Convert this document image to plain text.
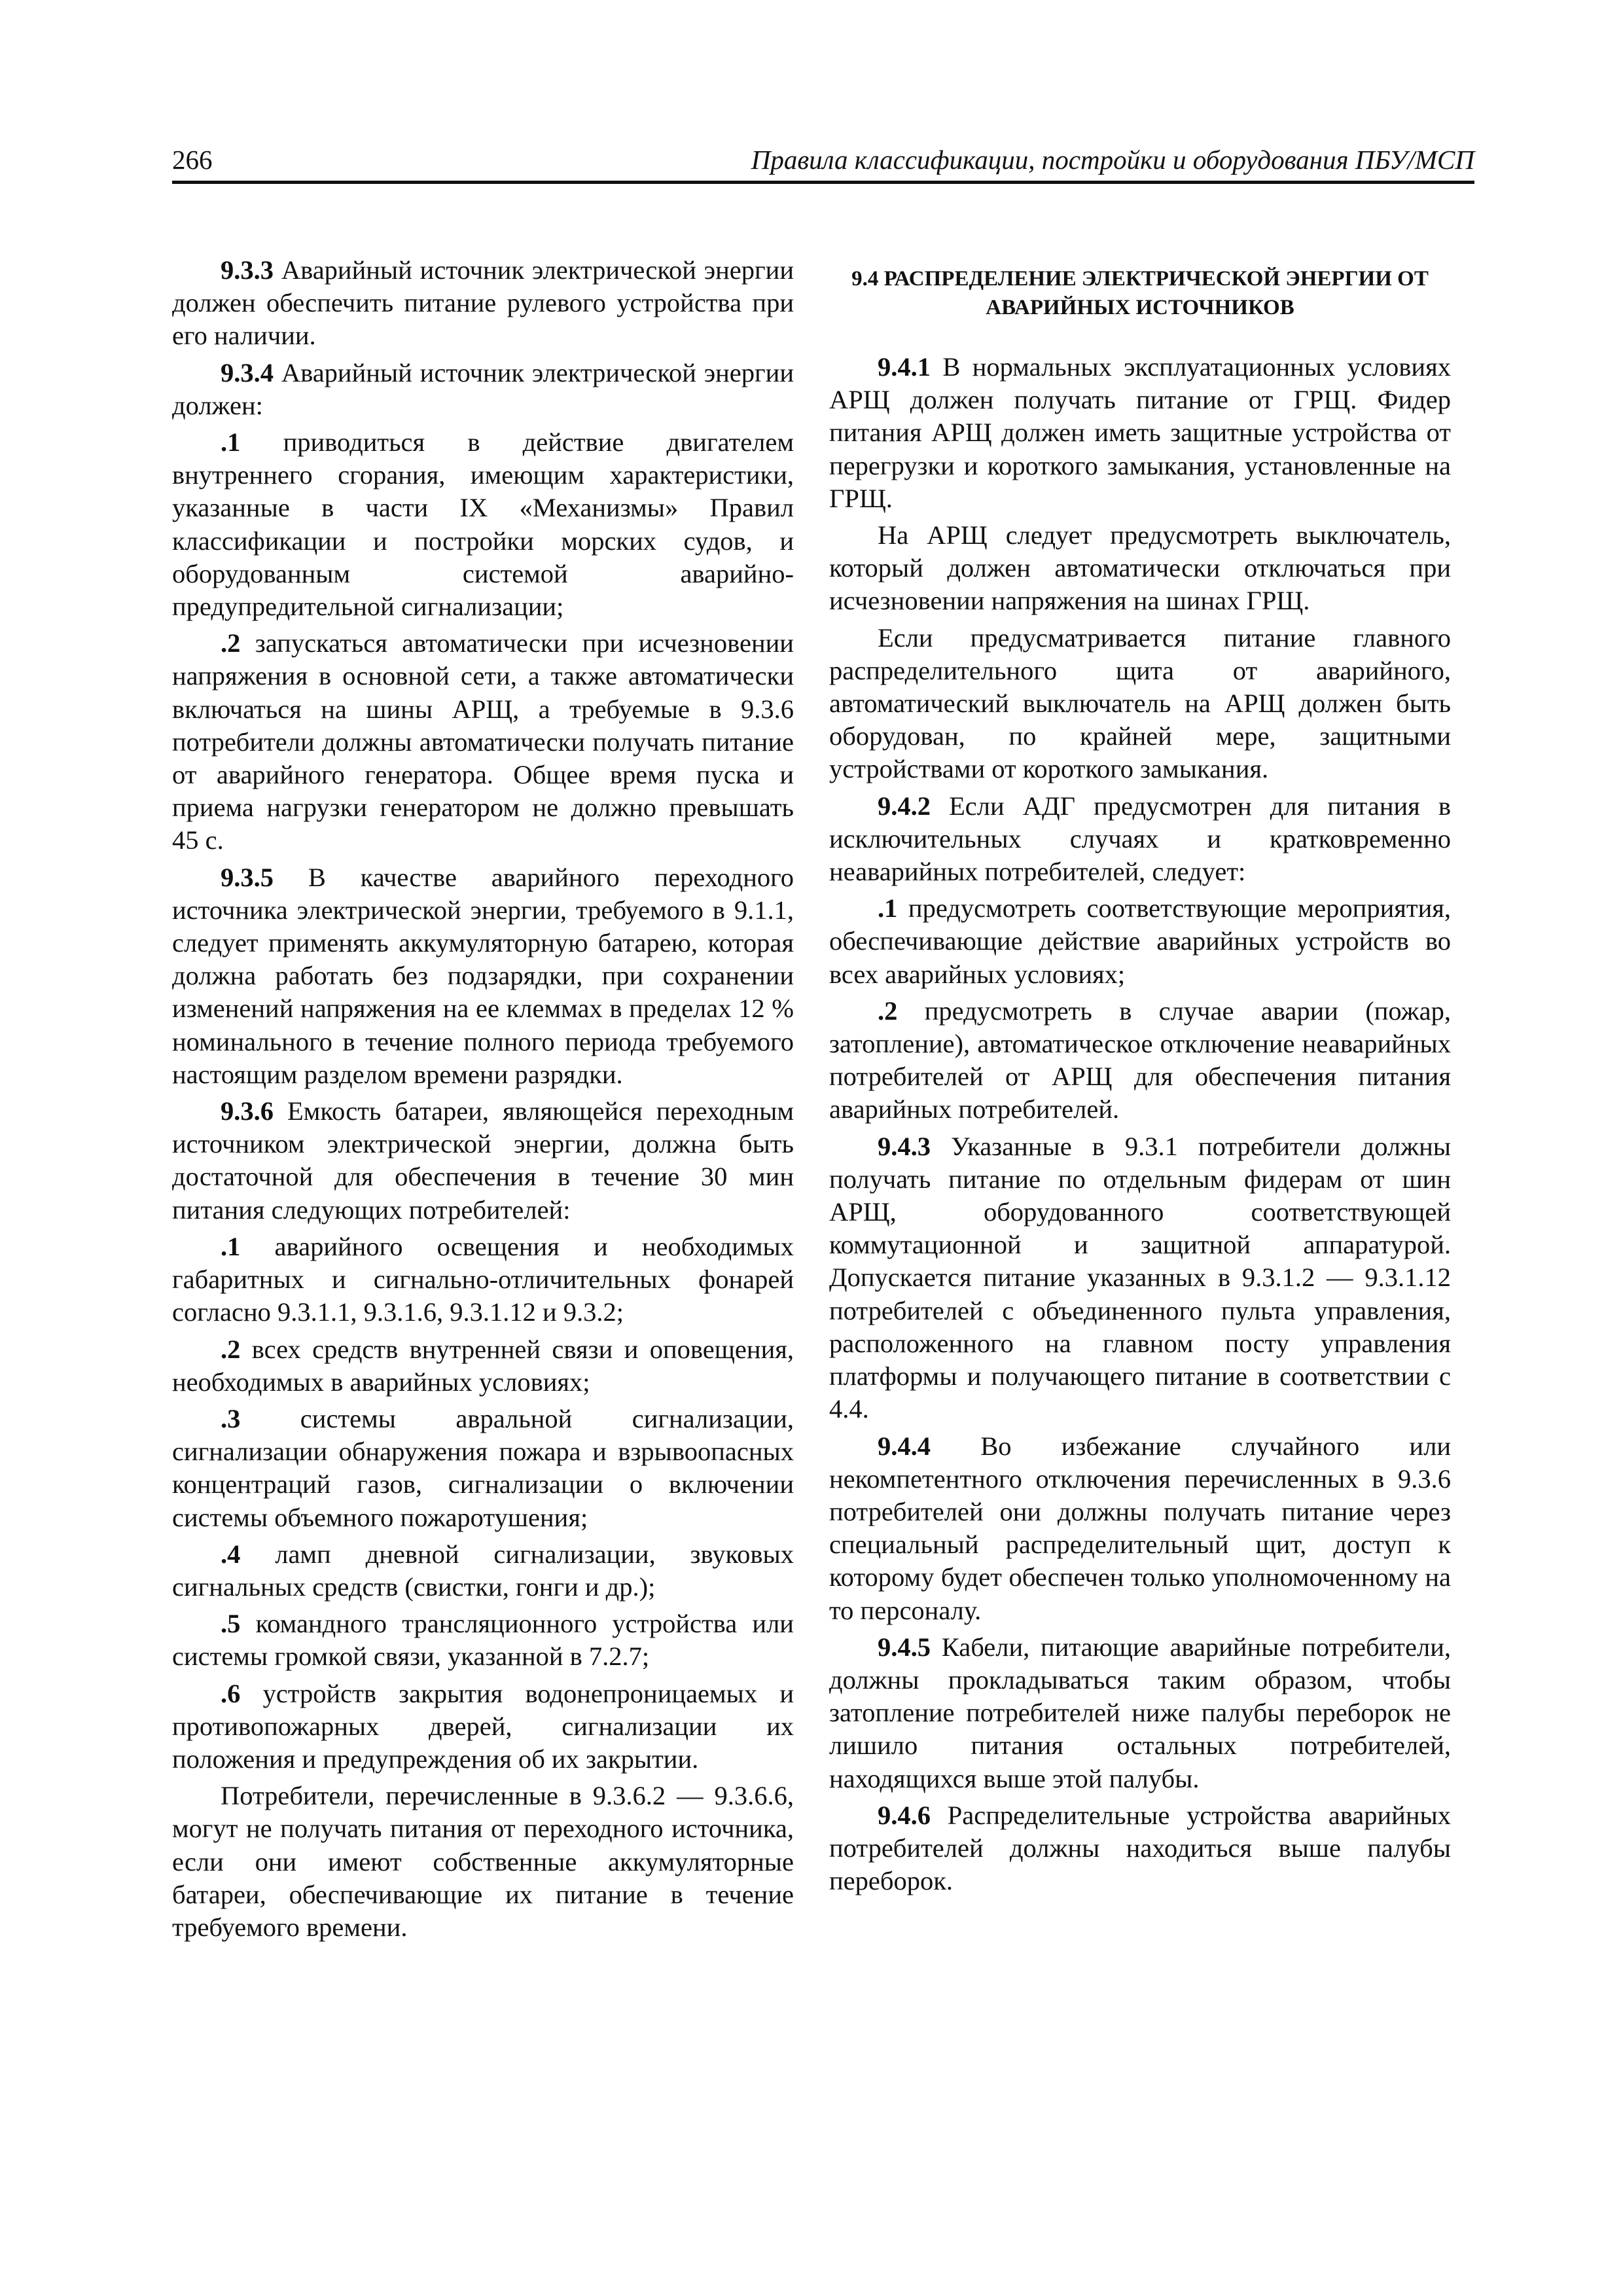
266	Правила классификации, постройки и оборудования ПБУ/МСП

9.3.3 Аварийный источник электрической энергии должен обеспечить питание рулевого устройства при его наличии.

9.3.4 Аварийный источник электрической энергии должен:

.1 приводиться в действие двигателем внутреннего сгорания, имеющим характеристики, указанные в части IX «Механизмы» Правил классификации и постройки морских судов, и оборудованным системой аварийно-предупредительной сигнализации;

.2 запускаться автоматически при исчезновении напряжения в основной сети, а также автоматически включаться на шины АРЩ, а требуемые в 9.3.6 потребители должны автоматически получать питание от аварийного генератора. Общее время пуска и приема нагрузки генератором не должно превышать 45 с.

9.3.5 В качестве аварийного переходного источника электрической энергии, требуемого в 9.1.1, следует применять аккумуляторную батарею, которая должна работать без подзарядки, при сохранении изменений напряжения на ее клеммах в пределах 12 % номинального в течение полного периода требуемого настоящим разделом времени разрядки.

9.3.6 Емкость батареи, являющейся переходным источником электрической энергии, должна быть достаточной для обеспечения в течение 30 мин питания следующих потребителей:

.1 аварийного освещения и необходимых габаритных и сигнально-отличительных фонарей согласно 9.3.1.1, 9.3.1.6, 9.3.1.12 и 9.3.2;

.2 всех средств внутренней связи и оповещения, необходимых в аварийных условиях;

.3 системы авральной сигнализации, сигнализации обнаружения пожара и взрывоопасных концентраций газов, сигнализации о включении системы объемного пожаротушения;

.4 ламп дневной сигнализации, звуковых сигнальных средств (свистки, гонги и др.);

.5 командного трансляционного устройства или системы громкой связи, указанной в 7.2.7;

.6 устройств закрытия водонепроницаемых и противопожарных дверей, сигнализации их положения и предупреждения об их закрытии.

Потребители, перечисленные в 9.3.6.2 — 9.3.6.6, могут не получать питания от переходного источника, если они имеют собственные аккумуляторные батареи, обеспечивающие их питание в течение требуемого времени.

9.4 РАСПРЕДЕЛЕНИЕ ЭЛЕКТРИЧЕСКОЙ ЭНЕРГИИ ОТ АВАРИЙНЫХ ИСТОЧНИКОВ

9.4.1 В нормальных эксплуатационных условиях АРЩ должен получать питание от ГРЩ. Фидер питания АРЩ должен иметь защитные устройства от перегрузки и короткого замыкания, установленные на ГРЩ.

На АРЩ следует предусмотреть выключатель, который должен автоматически отключаться при исчезновении напряжения на шинах ГРЩ.

Если предусматривается питание главного распределительного щита от аварийного, автоматический выключатель на АРЩ должен быть оборудован, по крайней мере, защитными устройствами от короткого замыкания.

9.4.2 Если АДГ предусмотрен для питания в исключительных случаях и кратковременно неаварийных потребителей, следует:

.1 предусмотреть соответствующие мероприятия, обеспечивающие действие аварийных устройств во всех аварийных условиях;

.2 предусмотреть в случае аварии (пожар, затопление), автоматическое отключение неаварийных потребителей от АРЩ для обеспечения питания аварийных потребителей.

9.4.3 Указанные в 9.3.1 потребители должны получать питание по отдельным фидерам от шин АРЩ, оборудованного соответствующей коммутационной и защитной аппаратурой. Допускается питание указанных в 9.3.1.2 — 9.3.1.12 потребителей с объединенного пульта управления, расположенного на главном посту управления платформы и получающего питание в соответствии с 4.4.

9.4.4 Во избежание случайного или некомпетентного отключения перечисленных в 9.3.6 потребителей они должны получать питание через специальный распределительный щит, доступ к которому будет обеспечен только уполномоченному на то персоналу.

9.4.5 Кабели, питающие аварийные потребители, должны прокладываться таким образом, чтобы затопление потребителей ниже палубы переборок не лишило питания остальных потребителей, находящихся выше этой палубы.

9.4.6 Распределительные устройства аварийных потребителей должны находиться выше палубы переборок.
